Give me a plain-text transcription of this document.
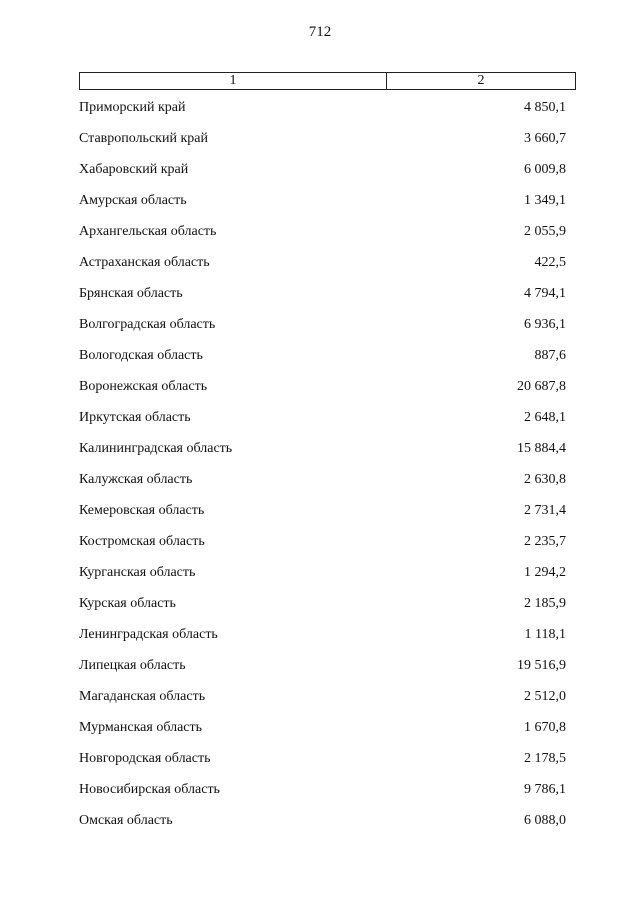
712
1	2
Приморский край	4 850,1
Ставропольский край	3 660,7
Хабаровский край	6 009,8
Амурская область	1 349,1
Архангельская область	2 055,9
Астраханская область	422,5
Брянская область	4 794,1
Волгоградская область	6 936,1
Вологодская область	887,6
Воронежская область	20 687,8
Иркутская область	2 648,1
Калининградская область	15 884,4
Калужская область	2 630,8
Кемеровская область	2 731,4
Костромская область	2 235,7
Курганская область	1 294,2
Курская область	2 185,9
Ленинградская область	1 118,1
Липецкая область	19 516,9
Магаданская область	2 512,0
Мурманская область	1 670,8
Новгородская область	2 178,5
Новосибирская область	9 786,1
Омская область	6 088,0
